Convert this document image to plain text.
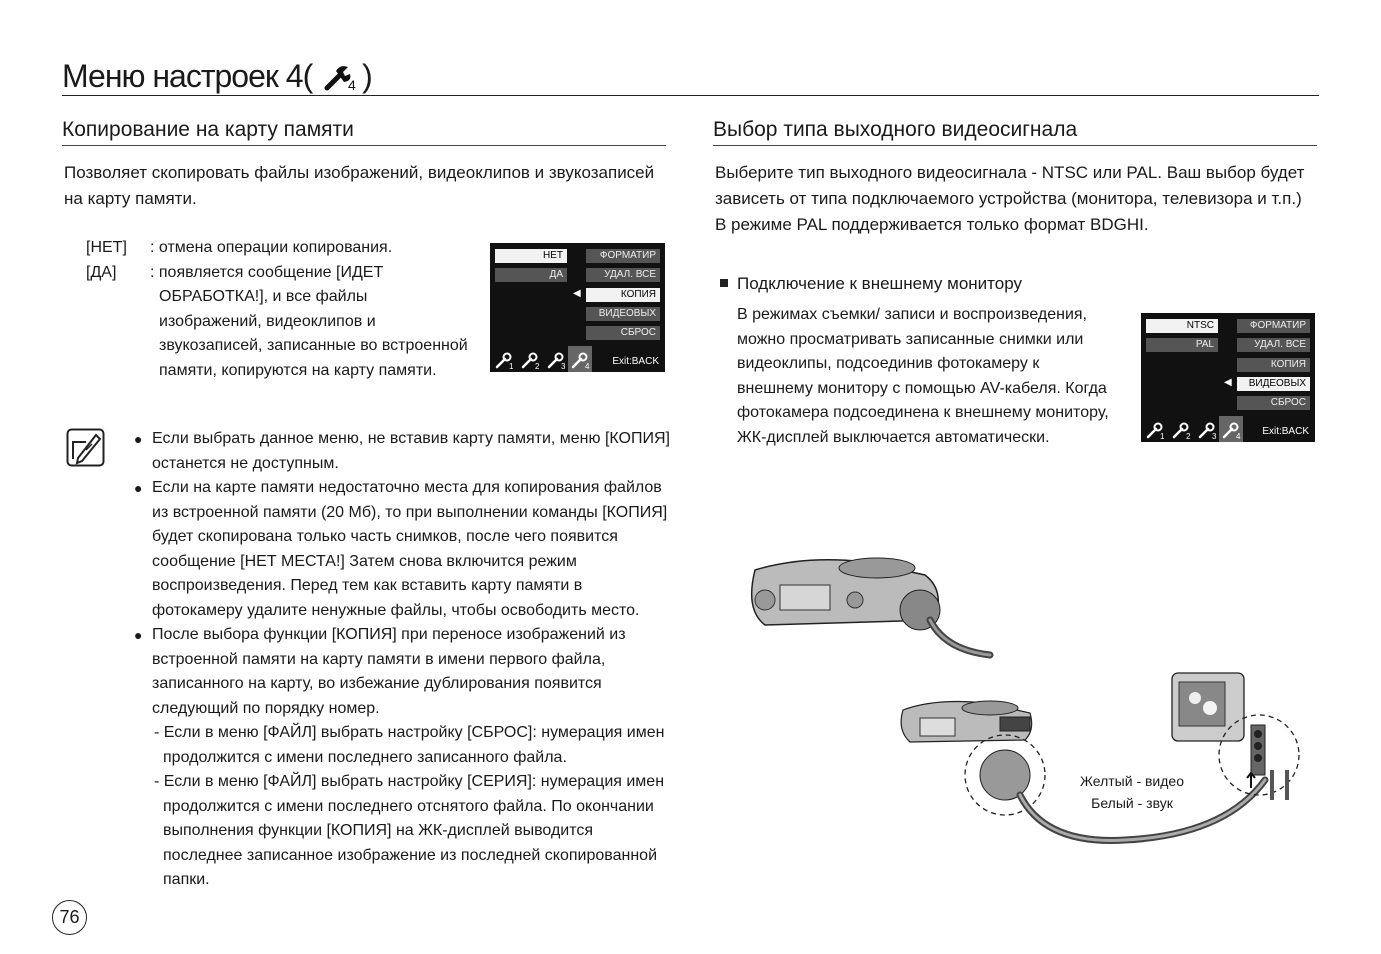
Меню настроек 4( 4 )
Копирование на карту памяти
Позволяет скопировать файлы изображений, видеоклипов и звукозаписей на карту памяти.
[НЕТ] : отмена операции копирования.
[ДА] : появляется сообщение [ИДЕТ ОБРАБОТКА!], и все файлы изображений, видеоклипов и звукозаписей, записанные во встроенной памяти, копируются на карту памяти.
НЕТ
ДА
ФОРМАТИР
УДАЛ. ВСЕ
◀	КОПИЯ
ВИДЕОВЫХ
СБРОС
1	2	3 4 Exit:BACK
● Если выбрать данное меню, не вставив карту памяти, меню [КОПИЯ] останется не доступным.
● Если на карте памяти недостаточно места для копирования файлов из встроенной памяти (20 Мб), то при выполнении команды [КОПИЯ] будет скопирована только часть снимков, после чего появится сообщение [НЕТ МЕСТА!] Затем снова включится режим воспроизведения. Перед тем как вставить карту памяти в фотокамеру удалите ненужные файлы, чтобы освободить место.
● После выбора функции [КОПИЯ] при переносе изображений из встроенной памяти на карту памяти в имени первого файла, записанного на карту, во избежание дублирования появится следующий по порядку номер.
- Если в меню [ФАЙЛ] выбрать настройку [СБРОС]: нумерация имен продолжится с имени последнего записанного файла.
- Если в меню [ФАЙЛ] выбрать настройку [СЕРИЯ]: нумерация имен продолжится с имени последнего отснятого файла. По окончании выполнения функции [КОПИЯ] на ЖК-дисплей выводится последнее записанное изображение из последней скопированной папки.
76
Выбор типа выходного видеосигнала
Выберите тип выходного видеосигнала - NTSC или PAL. Ваш выбор будет зависеть от типа подключаемого устройства (монитора, телевизора и т.п.) В режиме PAL поддерживается только формат BDGHI.
Подключение к внешнему монитору
В режимах съемки/ записи и воспроизведения, можно просматривать записанные снимки или видеоклипы, подсоединив фотокамеру к внешнему монитору с помощью AV-кабеля. Когда фотокамера подсоединена к внешнему монитору, ЖК-дисплей выключается автоматически.
NTSC
PAL
ФОРМАТИР
УДАЛ. ВСЕ
КОПИЯ
◀	ВИДЕОВЫХ
СБРОС
1	2	3 4 Exit:BACK
Желтый - видео
Белый - звук
